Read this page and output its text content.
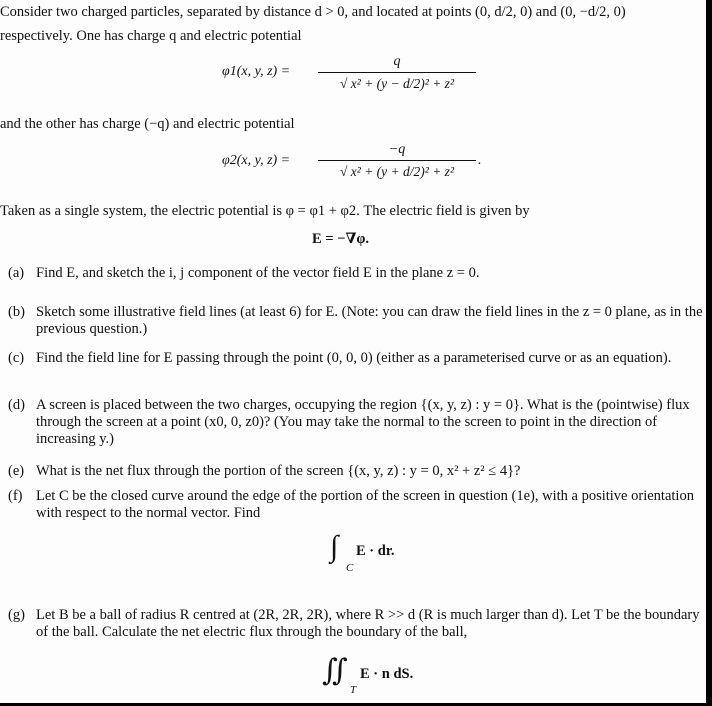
Consider two charged particles, separated by distance d > 0, and located at points (0, d/2, 0) and (0, −d/2, 0)
respectively. One has charge q and electric potential
φ1(x, y, z) =
q
√ x² + (y − d/2)² + z²
and the other has charge (−q) and electric potential
φ2(x, y, z) =
−q
√ x² + (y + d/2)² + z²
.
Taken as a single system, the electric potential is φ = φ1 + φ2. The electric field is given by
E = −∇φ.
(a) Find E, and sketch the i, j component of the vector field E in the plane z = 0.
(b) Sketch some illustrative field lines (at least 6) for E. (Note: you can draw the field lines in the z = 0 plane, as in the previous question.)
(c) Find the field line for E passing through the point (0, 0, 0) (either as a parameterised curve or as an equation).
(d) A screen is placed between the two charges, occupying the region {(x, y, z) : y = 0}. What is the (pointwise) flux through the screen at a point (x0, 0, z0)? (You may take the normal to the screen to point in the direction of increasing y.)
(e) What is the net flux through the portion of the screen {(x, y, z) : y = 0, x² + z² ≤ 4}?
(f) Let C be the closed curve around the edge of the portion of the screen in question (1e), with a positive orientation with respect to the normal vector. Find
∫
C
E · dr.
(g) Let B be a ball of radius R centred at (2R, 2R, 2R), where R >> d (R is much larger than d). Let T be the boundary of the ball. Calculate the net electric flux through the boundary of the ball,
∬
T
E · n dS.
